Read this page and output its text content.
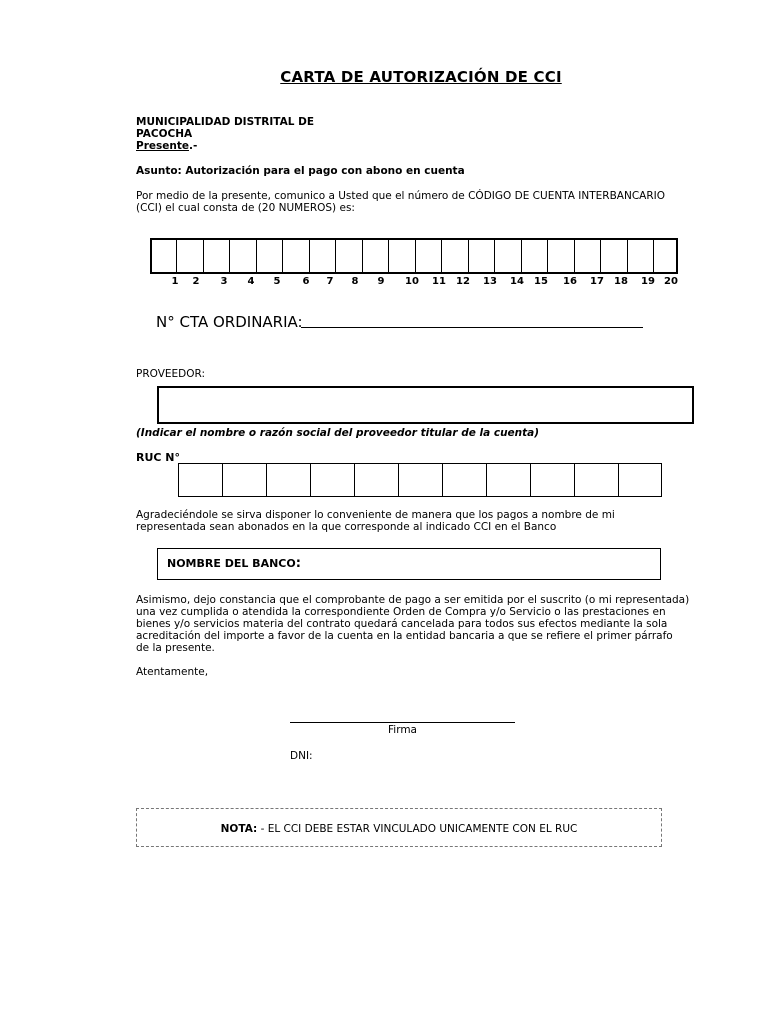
CARTA DE AUTORIZACIÓN DE CCI
MUNICIPALIDAD DISTRITAL DE
PACOCHA
Presente.-
Asunto: Autorización para el pago con abono en cuenta
Por medio de la presente, comunico a Usted que el número de CÓDIGO DE CUENTA INTERBANCARIO
(CCI) el cual consta de (20 NUMEROS) es:
1 2 3 4 5 6 7 8 9 10 11 12 13 14 15 16 17 18 19 20
N° CTA ORDINARIA:
PROVEEDOR:
(Indicar el nombre o razón social del proveedor titular de la cuenta)
RUC N°
Agradeciéndole se sirva disponer lo conveniente de manera que los pagos a nombre de mi
representada sean abonados en la que corresponde al indicado CCI en el Banco
NOMBRE DEL BANCO:
Asimismo, dejo constancia que el comprobante de pago a ser emitida por el suscrito (o mi representada)
una vez cumplida o atendida la correspondiente Orden de Compra y/o Servicio o las prestaciones en
bienes y/o servicios materia del contrato quedará cancelada para todos sus efectos mediante la sola
acreditación del importe a favor de la cuenta en la entidad bancaria a que se refiere el primer párrafo
de la presente.
Atentamente,
Firma
DNI:
NOTA: - EL CCI DEBE ESTAR VINCULADO UNICAMENTE CON EL RUC
